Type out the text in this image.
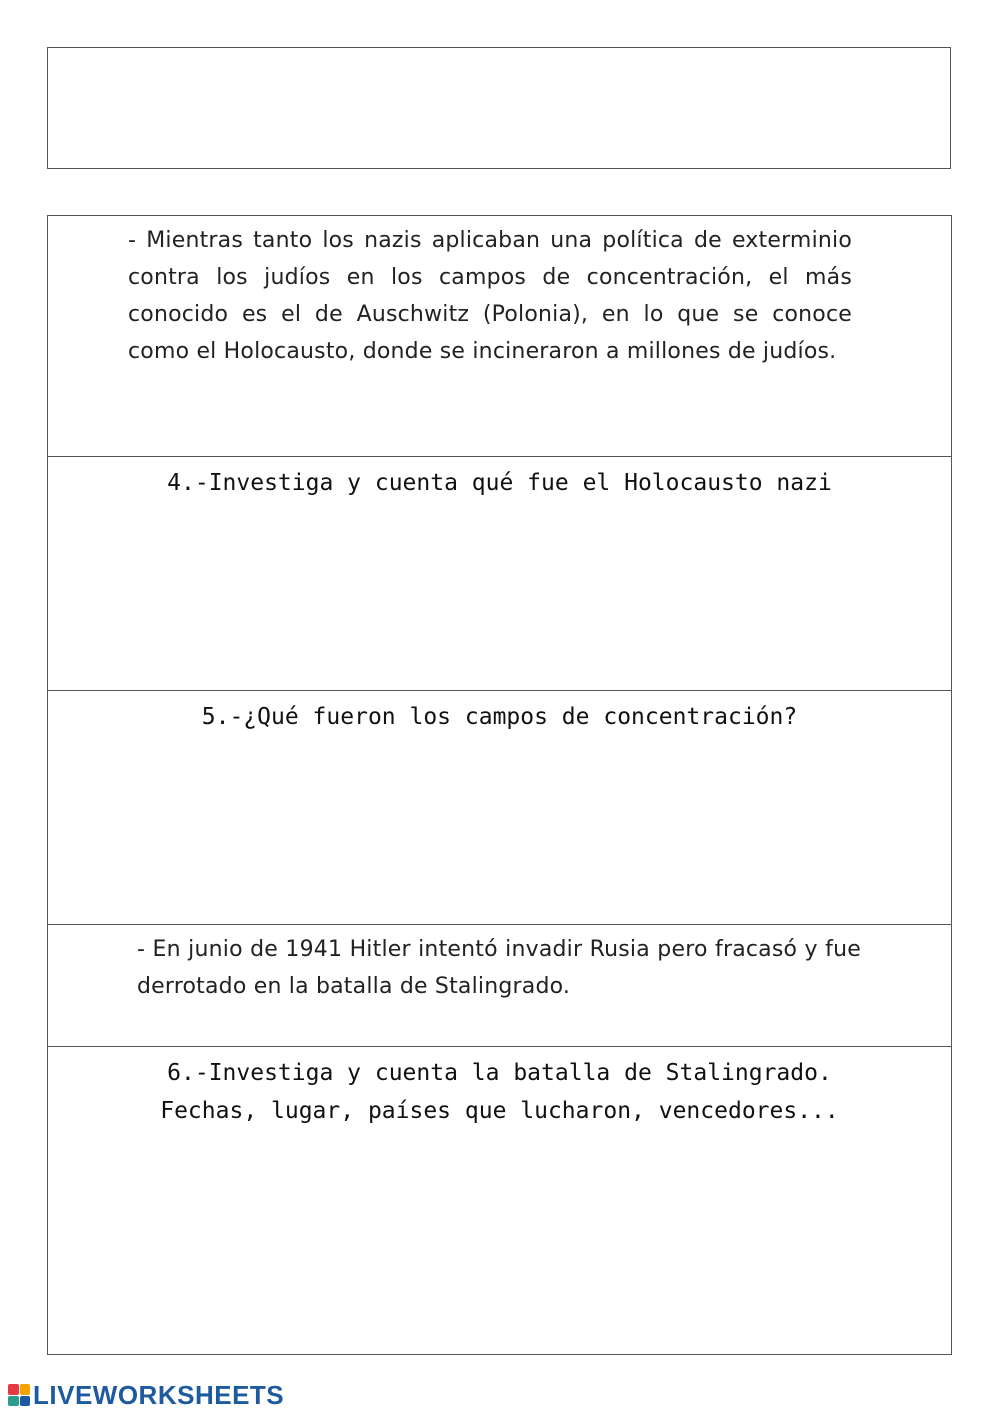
- Mientras tanto los nazis aplicaban una política de exterminio contra los judíos en los campos de concentración, el más conocido es el de Auschwitz (Polonia), en lo que se conoce como el Holocausto, donde se incineraron a millones de judíos.
4.-Investiga y cuenta qué fue el Holocausto nazi
5.-¿Qué fueron los campos de concentración?
- En junio de 1941 Hitler intentó invadir Rusia pero fracasó y fue derrotado en la batalla de Stalingrado.
6.-Investiga y cuenta la batalla de Stalingrado.
Fechas, lugar, países que lucharon, vencedores...
LIVEWORKSHEETS
